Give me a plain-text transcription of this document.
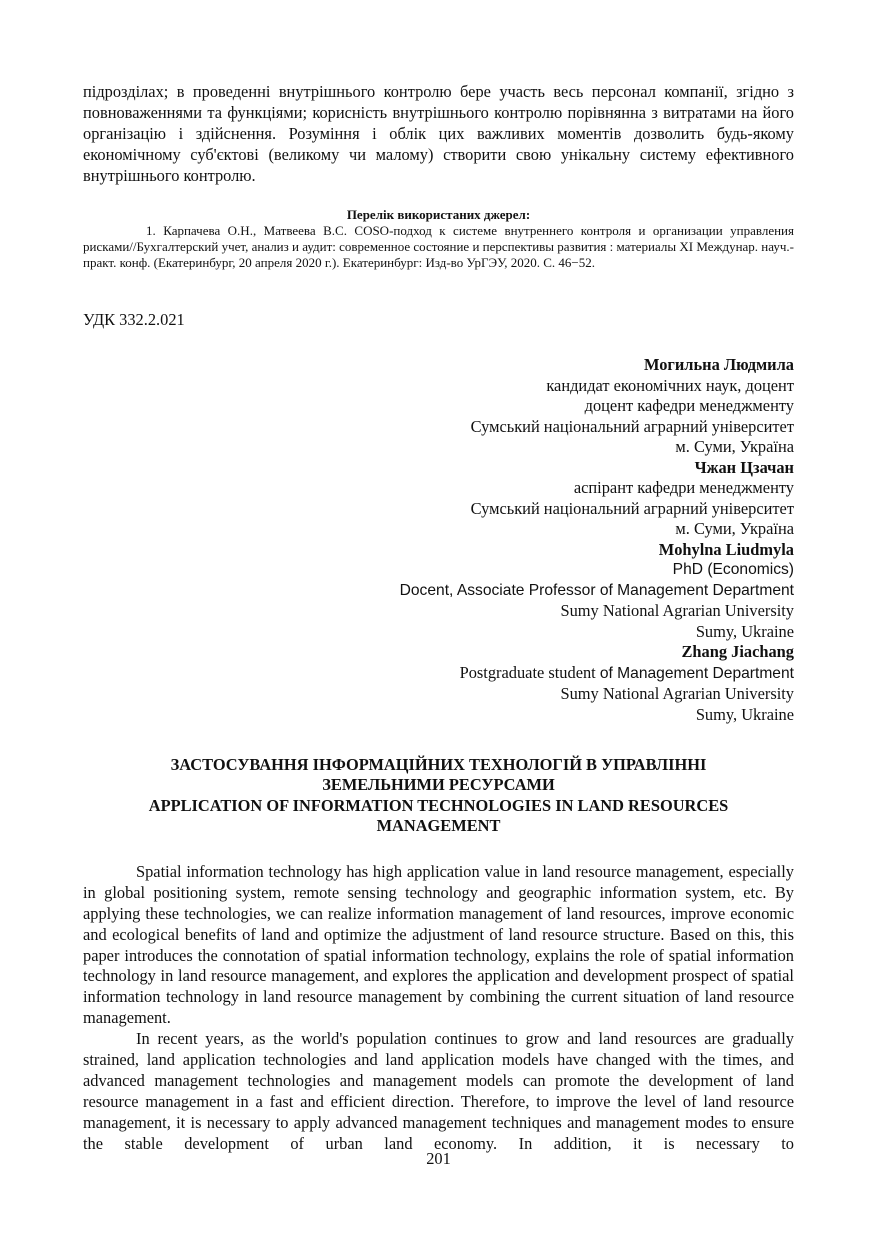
підрозділах; в проведенні внутрішнього контролю бере участь весь персонал компанії, згідно з повноваженнями та функціями; корисність внутрішнього контролю порівнянна з витратами на його організацію і здійснення. Розуміння і облік цих важливих моментів дозволить будь-якому економічному суб'єктові (великому чи малому) створити свою унікальну систему ефективного внутрішнього контролю.

Перелік використаних джерел:

1. Карпачева О.Н., Матвеева В.С. COSO-подход к системе внутреннего контроля и организации управления рисками//Бухгалтерский учет, анализ и аудит: современное состояние и перспективы развития : материалы XI Междунар. науч.-практ. конф. (Екатеринбург, 20 апреля 2020 г.). Екатеринбург: Изд-во УрГЭУ, 2020. С. 46−52.

УДК 332.2.021
Могильна Людмила
кандидат економічних наук, доцент
доцент кафедри менеджменту
Сумський національний аграрний університет
м. Суми, Україна
Чжан Цзачан
аспірант кафедри менеджменту
Сумський національний аграрний університет
м. Суми, Україна
Mohylna Liudmyla
PhD (Economics)
Docent, Associate Professor of Management Department
Sumy National Agrarian University
Sumy, Ukraine
Zhang Jiachang
Postgraduate student of Management Department
Sumy National Agrarian University
Sumy, Ukraine
ЗАСТОСУВАННЯ ІНФОРМАЦІЙНИХ ТЕХНОЛОГІЙ В УПРАВЛІННІ
ЗЕМЕЛЬНИМИ РЕСУРСАМИ
APPLICATION OF INFORMATION TECHNOLOGIES IN LAND RESOURCES
MANAGEMENT

Spatial information technology has high application value in land resource management, especially in global positioning system, remote sensing technology and geographic information system, etc. By applying these technologies, we can realize information management of land resources, improve economic and ecological benefits of land and optimize the adjustment of land resource structure. Based on this, this paper introduces the connotation of spatial information technology, explains the role of spatial information technology in land resource management, and explores the application and development prospect of spatial information technology in land resource management by combining the current situation of land resource management.

In recent years, as the world's population continues to grow and land resources are gradually strained, land application technologies and land application models have changed with the times, and advanced management technologies and management models can promote the development of land resource management in a fast and efficient direction. Therefore, to improve the level of land resource management, it is necessary to apply advanced management techniques and management modes to ensure the stable development of urban land economy. In addition, it is necessary to

201
